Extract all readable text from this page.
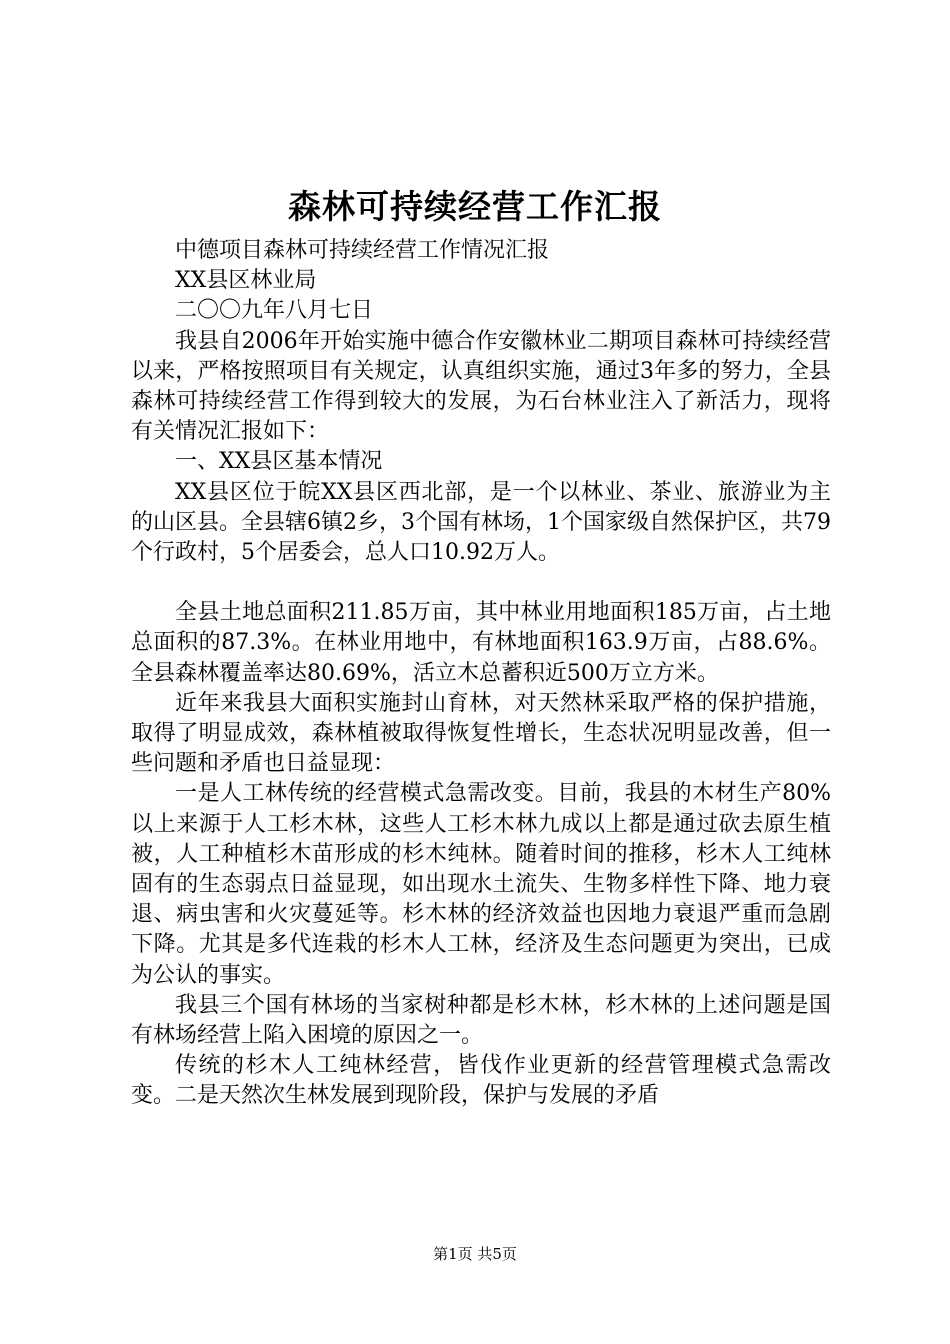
森林可持续经营工作汇报

中德项目森林可持续经营工作情况汇报

XX县区林业局

二〇〇九年八月七日

我县自2006年开始实施中德合作安徽林业二期项目森林可持续经营以来，严格按照项目有关规定，认真组织实施，通过3年多的努力，全县森林可持续经营工作得到较大的发展，为石台林业注入了新活力，现将有关情况汇报如下：

一、XX县区基本情况

XX县区位于皖XX县区西北部，是一个以林业、茶业、旅游业为主的山区县。全县辖6镇2乡，3个国有林场，1个国家级自然保护区，共79个行政村，5个居委会，总人口10.92万人。

全县土地总面积211.85万亩，其中林业用地面积185万亩，占土地总面积的87.3%。在林业用地中，有林地面积163.9万亩，占88.6%。全县森林覆盖率达80.69%，活立木总蓄积近500万立方米。

近年来我县大面积实施封山育林，对天然林采取严格的保护措施，取得了明显成效，森林植被取得恢复性增长，生态状况明显改善，但一些问题和矛盾也日益显现：

一是人工林传统的经营模式急需改变。目前，我县的木材生产80%以上来源于人工杉木林，这些人工杉木林九成以上都是通过砍去原生植被，人工种植杉木苗形成的杉木纯林。随着时间的推移，杉木人工纯林固有的生态弱点日益显现，如出现水土流失、生物多样性下降、地力衰退、病虫害和火灾蔓延等。杉木林的经济效益也因地力衰退严重而急剧下降。尤其是多代连栽的杉木人工林，经济及生态问题更为突出，已成为公认的事实。

我县三个国有林场的当家树种都是杉木林，杉木林的上述问题是国有林场经营上陷入困境的原因之一。

传统的杉木人工纯林经营，皆伐作业更新的经营管理模式急需改变。二是天然次生林发展到现阶段，保护与发展的矛盾

第1页 共5页
